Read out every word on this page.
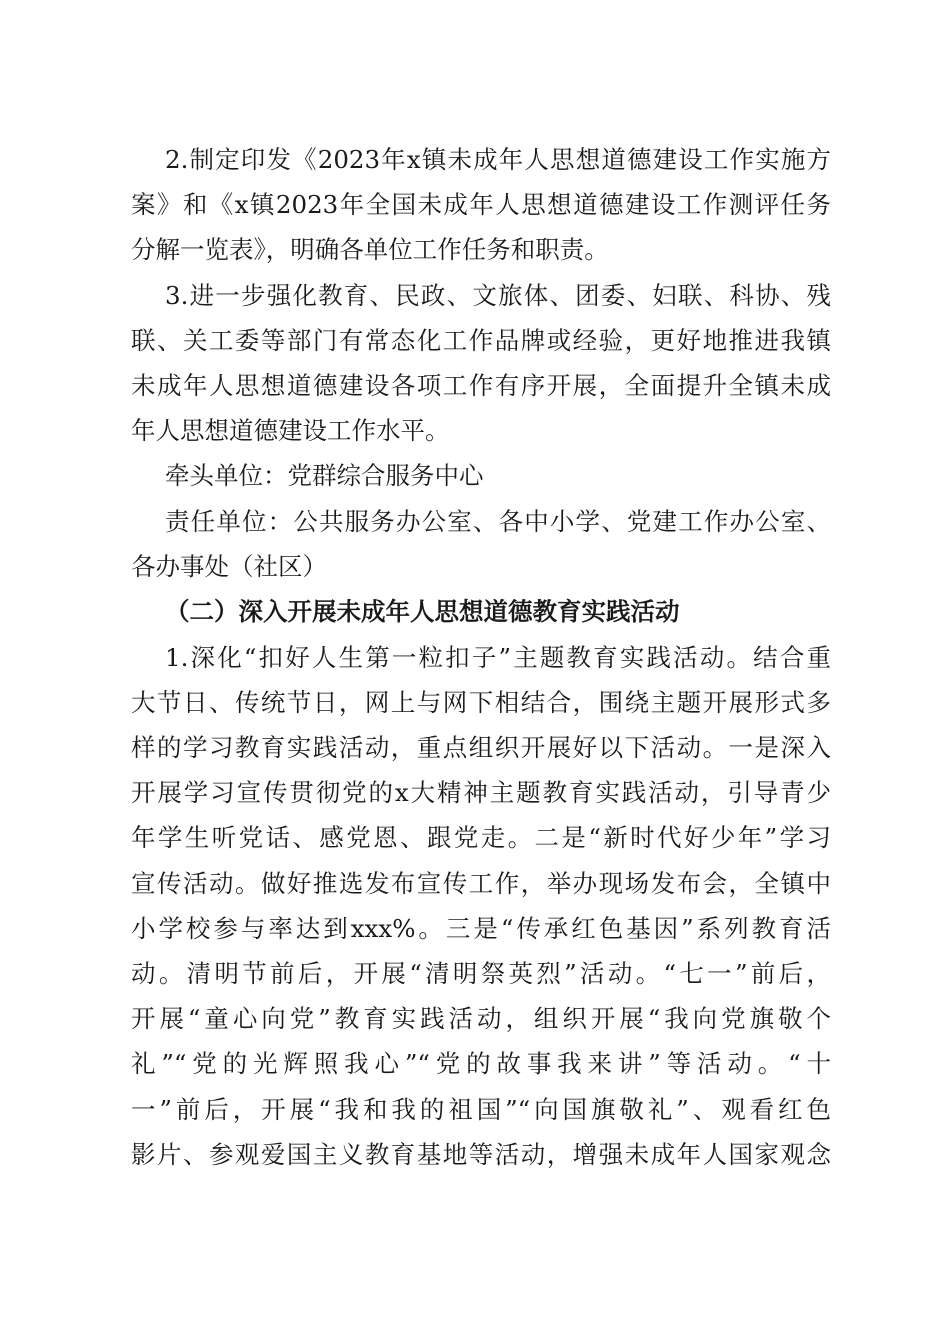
2.制定印发《2023年x镇未成年人思想道德建设工作实施方
案》和《x镇2023年全国未成年人思想道德建设工作测评任务
分解一览表》，明确各单位工作任务和职责。
3.进一步强化教育、民政、文旅体、团委、妇联、科协、残
联、关工委等部门有常态化工作品牌或经验，更好地推进我镇
未成年人思想道德建设各项工作有序开展，全面提升全镇未成
年人思想道德建设工作水平。
牵头单位：党群综合服务中心
责任单位：公共服务办公室、各中小学、党建工作办公室、
各办事处（社区）
（二）深入开展未成年人思想道德教育实践活动
1.深化“扣好人生第一粒扣子”主题教育实践活动。结合重
大节日、传统节日，网上与网下相结合，围绕主题开展形式多
样的学习教育实践活动，重点组织开展好以下活动。一是深入
开展学习宣传贯彻党的x大精神主题教育实践活动，引导青少
年学生听党话、感党恩、跟党走。二是“新时代好少年”学习
宣传活动。做好推选发布宣传工作，举办现场发布会，全镇中
小学校参与率达到xxx%。三是“传承红色基因”系列教育活
动。清明节前后，开展“清明祭英烈”活动。“七一”前后，
开展“童心向党”教育实践活动，组织开展“我向党旗敬个
礼”“党的光辉照我心”“党的故事我来讲”等活动。“十
一”前后，开展“我和我的祖国”“向国旗敬礼”、观看红色
影片、参观爱国主义教育基地等活动，增强未成年人国家观念
